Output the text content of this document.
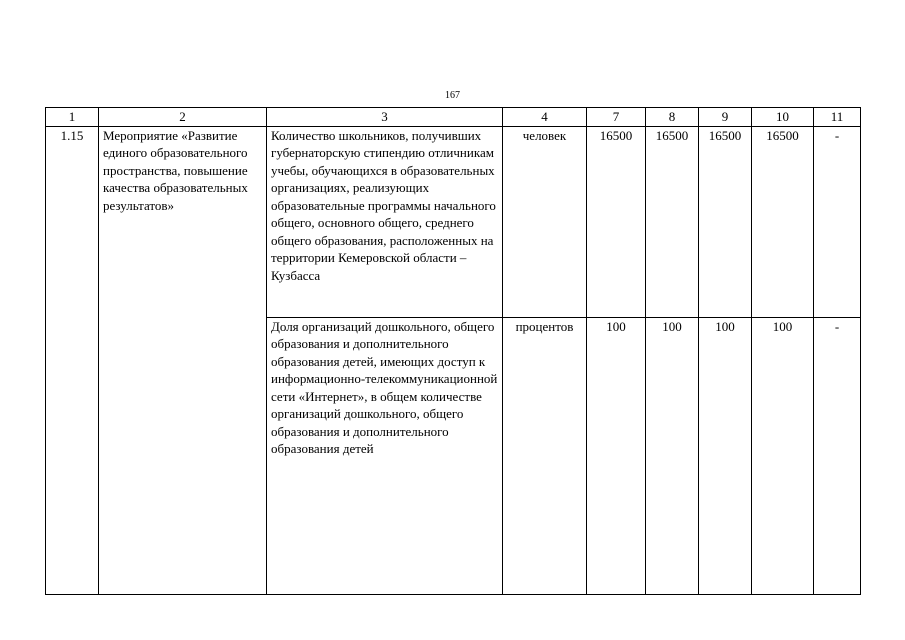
167
1	2	3	4	7	8	9	10	11
1.15	Мероприятие «Развитие единого образовательного пространства, повышение качества образовательных результатов»	Количество школьников, получивших губернаторскую стипендию отличникам учебы, обучающихся в образовательных организациях, реализующих образовательные программы начального общего, основного общего, среднего общего образования, расположенных на территории Кемеровской области – Кузбасса	человек	16500	16500	16500	16500	-
		Доля организаций дошкольного, общего образования и дополнительного образования детей, имеющих доступ к информационно-телекоммуникационной сети «Интернет», в общем количестве организаций дошкольного, общего образования и дополнительного образования детей	процентов	100	100	100	100	-
